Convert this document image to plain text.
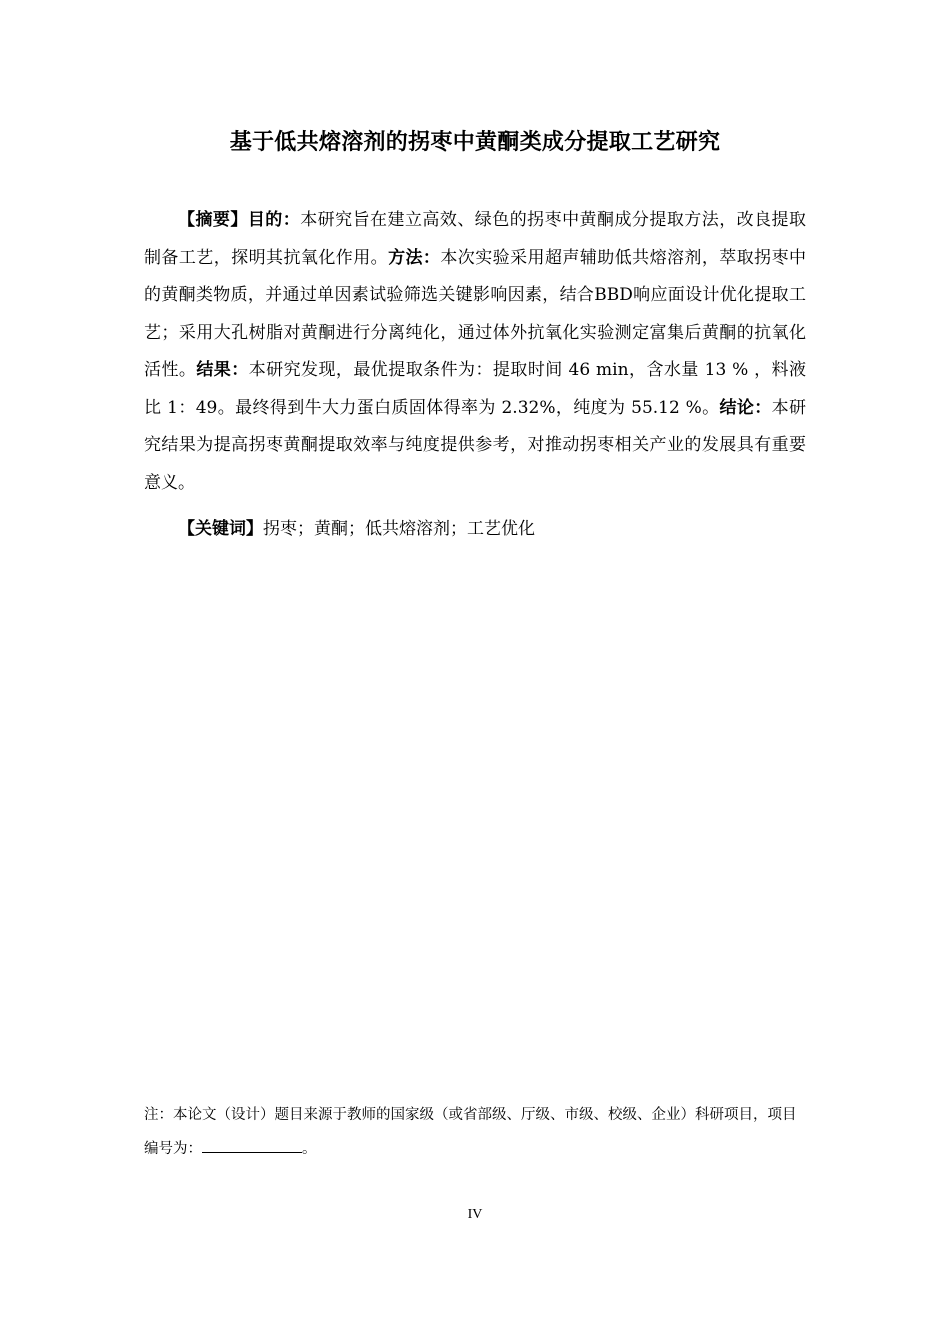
基于低共熔溶剂的拐枣中黄酮类成分提取工艺研究

【摘要】目的：本研究旨在建立高效、绿色的拐枣中黄酮成分提取方法，改良提取制备工艺，探明其抗氧化作用。方法：本次实验采用超声辅助低共熔溶剂，萃取拐枣中的黄酮类物质，并通过单因素试验筛选关键影响因素，结合BBD响应面设计优化提取工艺；采用大孔树脂对黄酮进行分离纯化，通过体外抗氧化实验测定富集后黄酮的抗氧化活性。结果：本研究发现，最优提取条件为：提取时间 46 min，含水量 13 % ，料液比 1：49。最终得到牛大力蛋白质固体得率为 2.32%，纯度为 55.12 %。结论：本研究结果为提高拐枣黄酮提取效率与纯度提供参考，对推动拐枣相关产业的发展具有重要意义。

【关键词】拐枣；黄酮；低共熔溶剂；工艺优化

注：本论文（设计）题目来源于教师的国家级（或省部级、厅级、市级、校级、企业）科研项目，项目编号为：	。

IV
